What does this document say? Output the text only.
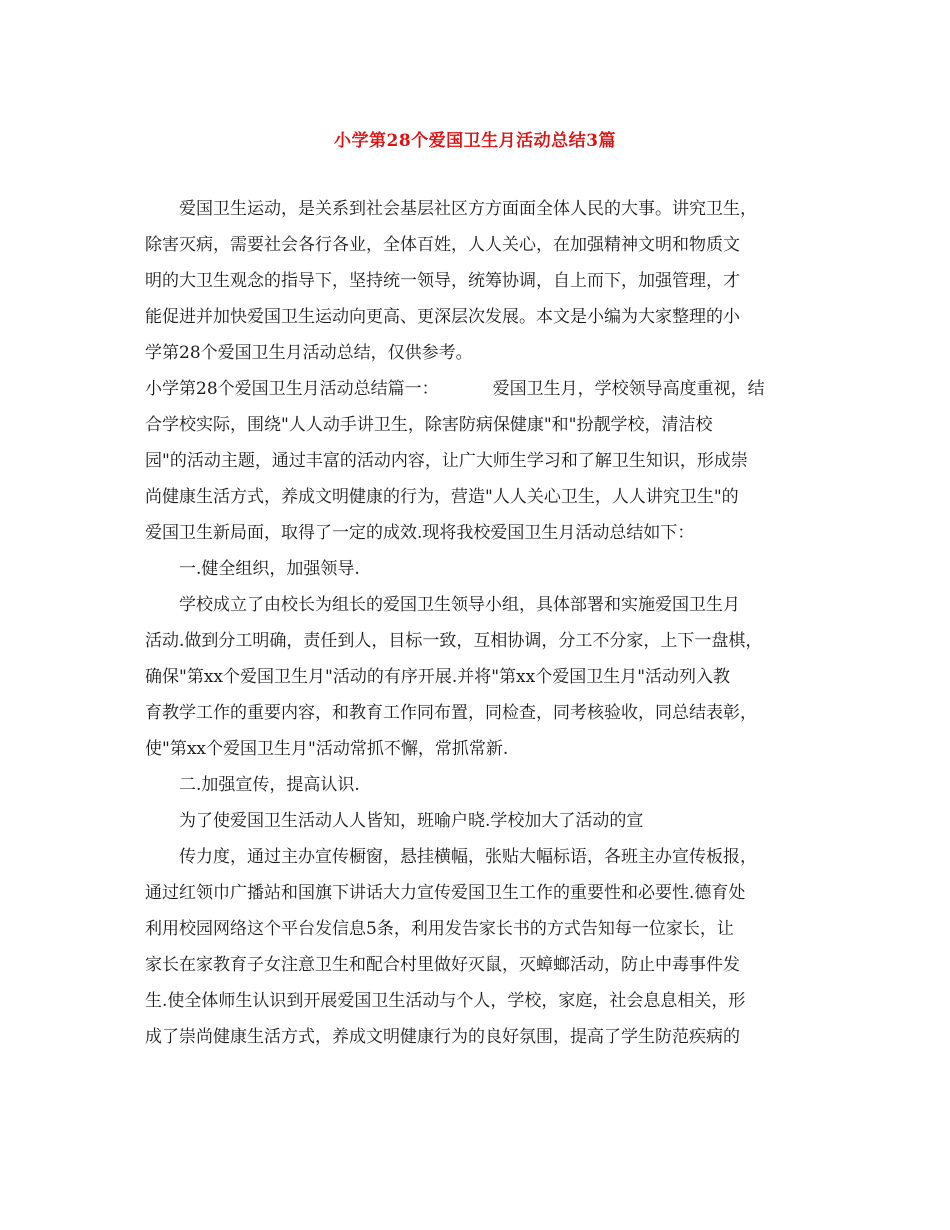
小学第28个爱国卫生月活动总结3篇
爱国卫生运动，是关系到社会基层社区方方面面全体人民的大事。讲究卫生，
除害灭病，需要社会各行各业，全体百姓，人人关心，在加强精神文明和物质文
明的大卫生观念的指导下，坚持统一领导，统筹协调，自上而下，加强管理，才
能促进并加快爱国卫生运动向更高、更深层次发展。本文是小编为大家整理的小
学第28个爱国卫生月活动总结，仅供参考。
小学第28个爱国卫生月活动总结篇一：	爱国卫生月，学校领导高度重视，结
合学校实际，围绕"人人动手讲卫生，除害防病保健康"和"扮靓学校，清洁校
园"的活动主题，通过丰富的活动内容，让广大师生学习和了解卫生知识，形成崇
尚健康生活方式，养成文明健康的行为，营造"人人关心卫生，人人讲究卫生"的
爱国卫生新局面，取得了一定的成效.现将我校爱国卫生月活动总结如下：
一.健全组织，加强领导.
学校成立了由校长为组长的爱国卫生领导小组，具体部署和实施爱国卫生月
活动.做到分工明确，责任到人，目标一致，互相协调，分工不分家，上下一盘棋，
确保"第xx个爱国卫生月"活动的有序开展.并将"第xx个爱国卫生月"活动列入教
育教学工作的重要内容，和教育工作同布置，同检查，同考核验收，同总结表彰，
使"第xx个爱国卫生月"活动常抓不懈，常抓常新.
二.加强宣传，提高认识.
为了使爱国卫生活动人人皆知，班喻户晓.学校加大了活动的宣
传力度，通过主办宣传橱窗，悬挂横幅，张贴大幅标语，各班主办宣传板报，
通过红领巾广播站和国旗下讲话大力宣传爱国卫生工作的重要性和必要性.德育处
利用校园网络这个平台发信息5条，利用发告家长书的方式告知每一位家长，让
家长在家教育子女注意卫生和配合村里做好灭鼠，灭蟑螂活动，防止中毒事件发
生.使全体师生认识到开展爱国卫生活动与个人，学校，家庭，社会息息相关，形
成了崇尚健康生活方式，养成文明健康行为的良好氛围，提高了学生防范疾病的
